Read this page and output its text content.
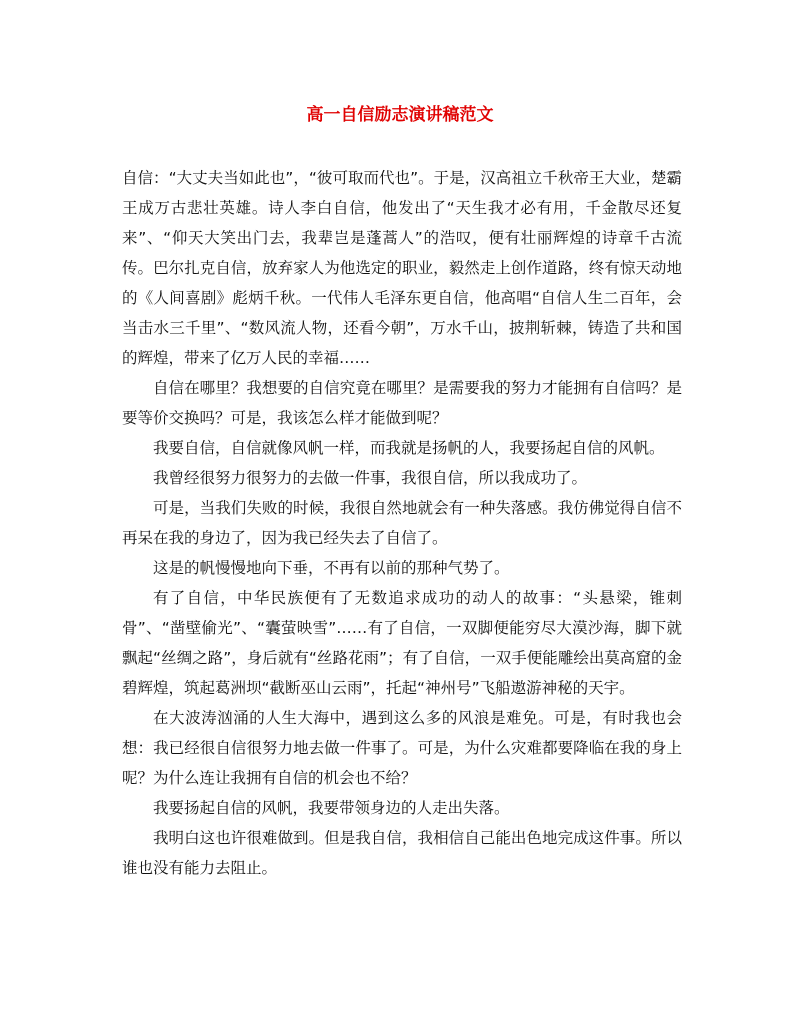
高一自信励志演讲稿范文

自信：“大丈夫当如此也”，“彼可取而代也”。于是，汉高祖立千秋帝王大业，楚霸王成万古悲壮英雄。诗人李白自信，他发出了“天生我才必有用，千金散尽还复来”、“仰天大笑出门去，我辈岂是蓬蒿人”的浩叹，便有壮丽辉煌的诗章千古流传。巴尔扎克自信，放弃家人为他选定的职业，毅然走上创作道路，终有惊天动地的《人间喜剧》彪炳千秋。一代伟人毛泽东更自信，他高唱“自信人生二百年，会当击水三千里”、“数风流人物，还看今朝”，万水千山，披荆斩棘，铸造了共和国的辉煌，带来了亿万人民的幸福……

自信在哪里？我想要的自信究竟在哪里？是需要我的努力才能拥有自信吗？是要等价交换吗？可是，我该怎么样才能做到呢？

我要自信，自信就像风帆一样，而我就是扬帆的人，我要扬起自信的风帆。

我曾经很努力很努力的去做一件事，我很自信，所以我成功了。

可是，当我们失败的时候，我很自然地就会有一种失落感。我仿佛觉得自信不再呆在我的身边了，因为我已经失去了自信了。

这是的帆慢慢地向下垂，不再有以前的那种气势了。

有了自信，中华民族便有了无数追求成功的动人的故事：“头悬梁，锥刺骨”、“凿壁偷光”、“囊萤映雪”……有了自信，一双脚便能穷尽大漠沙海，脚下就飘起“丝绸之路”，身后就有“丝路花雨”；有了自信，一双手便能雕绘出莫高窟的金碧辉煌，筑起葛洲坝“截断巫山云雨”，托起“神州号”飞船遨游神秘的天宇。

在大波涛汹涌的人生大海中，遇到这么多的风浪是难免。可是，有时我也会想：我已经很自信很努力地去做一件事了。可是，为什么灾难都要降临在我的身上呢？为什么连让我拥有自信的机会也不给？

我要扬起自信的风帆，我要带领身边的人走出失落。

我明白这也许很难做到。但是我自信，我相信自己能出色地完成这件事。所以谁也没有能力去阻止。
